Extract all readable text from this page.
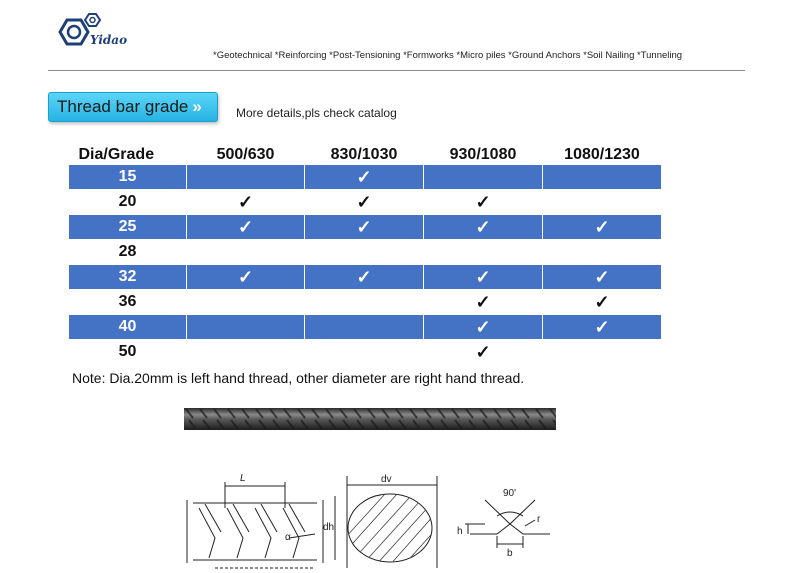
Yidao
*Geotechnical *Reinforcing *Post-Tensioning *Formworks *Micro piles *Ground Anchors *Soil Nailing *Tunneling
Thread bar grade »	More details,pls check catalog
Dia/Grade	500/630	830/1030	930/1080	1080/1230
15		✓		
20	✓	✓	✓	
25	✓	✓	✓	✓
28				
32	✓	✓	✓	✓
36			✓	✓
40			✓	✓
50			✓	
Note: Dia.20mm is left hand thread, other diameter are right hand thread.
L
α
dv
dh
90'
r
h
b
